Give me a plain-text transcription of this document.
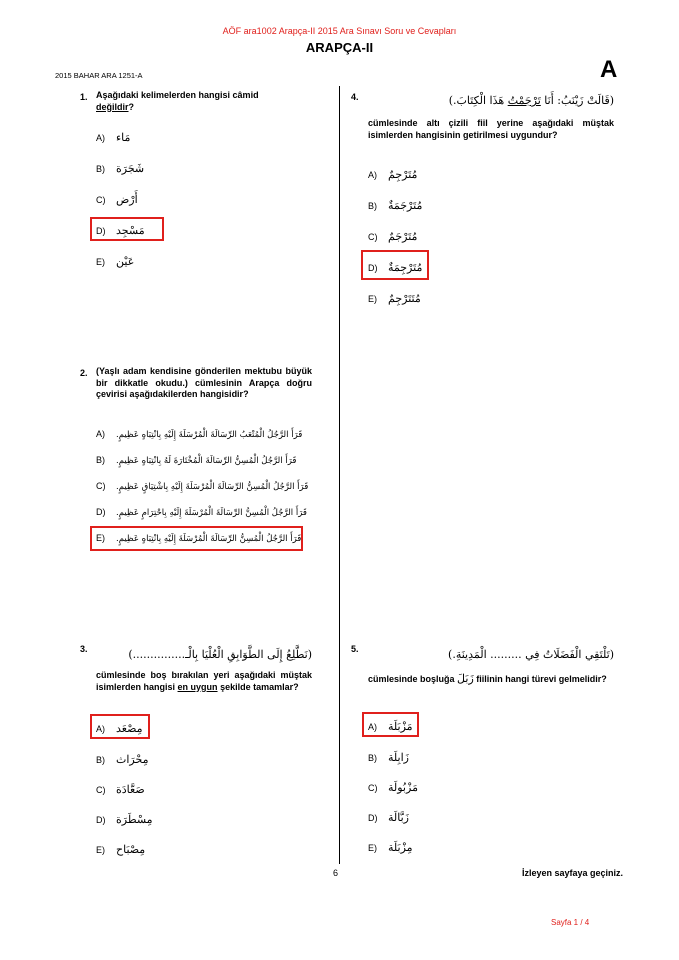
AÖF ara1002 Arapça-II 2015 Ara Sınavı Soru ve Cevapları
ARAPÇA-II
2015 BAHAR ARA 1251-A	A
1. Aşağıdaki kelimelerden hangisi câmid
değildir?
A) مَاء
B) شَجَرَة
C) أَرْض
D) مَسْجِد
E) عَيْن
2. (Yaşlı adam kendisine gönderilen mektubu büyük bir dikkatle okudu.) cümlesinin Arapça doğru çevirisi aşağıdakilerden hangisidir?
A) قَرَأَ الرَّجُلُ الْمُتْعَبُ الرِّسَالَةَ الْمُرْسَلَةَ إِلَيْهِ بِانْتِبَاهٍ عَظِيمٍ.
B) قَرَأَ الرَّجُلُ الْمُسِنُّ الرِّسَالَةَ الْمُخْتَارَةَ لَهُ بِانْتِبَاهٍ عَظِيمٍ.
C) قَرَأَ الرَّجُلُ الْمُسِنُّ الرِّسَالَةَ الْمُرْسَلَةَ إِلَيْهِ بِاشْتِيَاقٍ عَظِيمٍ.
D) قَرَأَ الرَّجُلُ الْمُسِنُّ الرِّسَالَةَ الْمُرْسَلَةَ إِلَيْهِ بِاحْتِرَامٍ عَظِيمٍ.
E) قَرَأَ الرَّجُلُ الْمُسِنُّ الرِّسَالَةَ الْمُرْسَلَةَ إِلَيْهِ بِانْتِبَاهٍ عَظِيمٍ.
3.	(نَطَّلِعُ إِلَى الطَّوَابِقِ الْعُلْيَا بِالْـ...............)
cümlesinde boş bırakılan yeri aşağıdaki müştak isimlerden hangisi en uygun şekilde tamamlar?
A) مِصْعَد
B) مِحْرَاث
C) صَعَّادَة
D) مِسْطَرَة
E) مِصْبَاح
4.	(قَالَتْ زَيْنَبُ: أَنَا تَرْجَمْتُ هَذَا الْكِتَابَ.)
cümlesinde altı çizili fiil yerine aşağıdaki müştak isimlerden hangisinin getirilmesi uygundur?
A) مُتَرْجِمٌ
B) مُتَرْجَمَةٌ
C) مُتَرْجَمٌ
D) مُتَرْجِمَةٌ
E) مُتَتَرْجِمٌ
5.	(تَلْتَقِي الْفَضَلَاتُ فِي ......... الْمَدِينَةِ.)
cümlesinde boşluğa زَبَلَ fiilinin hangi türevi gelmelidir?
A) مَزْبَلَة
B) زَابِلَة
C) مَزْبُولَة
D) زَبَّالَة
E) مِزْبَلَة
6	İzleyen sayfaya geçiniz.
Sayfa 1 / 4
